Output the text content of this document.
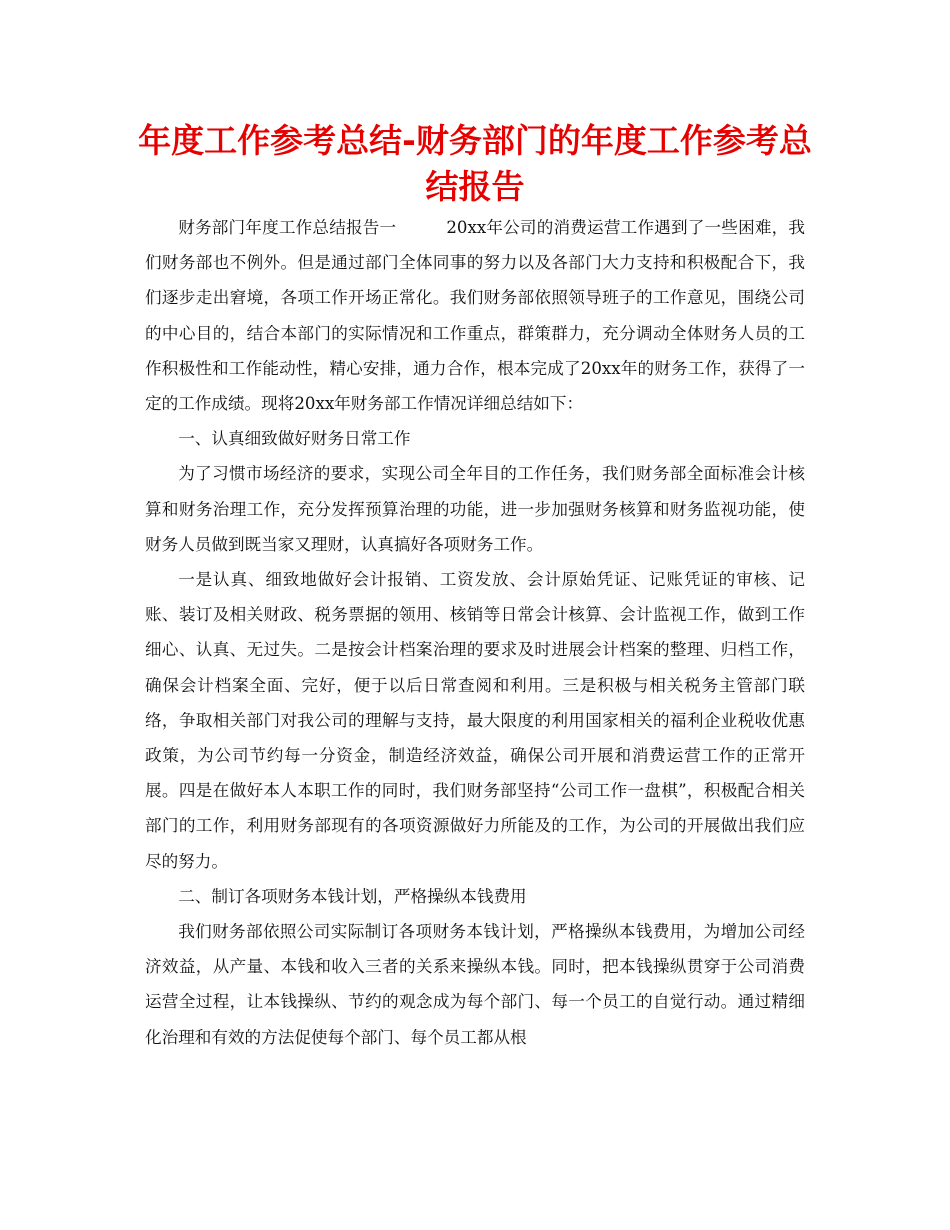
年度工作参考总结-财务部门的年度工作参考总结报告

财务部门年度工作总结报告一	20xx年公司的消费运营工作遇到了一些困难，我们财务部也不例外。但是通过部门全体同事的努力以及各部门大力支持和积极配合下，我们逐步走出窘境，各项工作开场正常化。我们财务部依照领导班子的工作意见，围绕公司的中心目的，结合本部门的实际情况和工作重点，群策群力，充分调动全体财务人员的工作积极性和工作能动性，精心安排，通力合作，根本完成了20xx年的财务工作，获得了一定的工作成绩。现将20xx年财务部工作情况详细总结如下：

一、认真细致做好财务日常工作

为了习惯市场经济的要求，实现公司全年目的工作任务，我们财务部全面标准会计核算和财务治理工作，充分发挥预算治理的功能，进一步加强财务核算和财务监视功能，使财务人员做到既当家又理财，认真搞好各项财务工作。

一是认真、细致地做好会计报销、工资发放、会计原始凭证、记账凭证的审核、记账、装订及相关财政、税务票据的领用、核销等日常会计核算、会计监视工作，做到工作细心、认真、无过失。二是按会计档案治理的要求及时进展会计档案的整理、归档工作，确保会计档案全面、完好，便于以后日常查阅和利用。三是积极与相关税务主管部门联络，争取相关部门对我公司的理解与支持，最大限度的利用国家相关的福利企业税收优惠政策，为公司节约每一分资金，制造经济效益，确保公司开展和消费运营工作的正常开展。四是在做好本人本职工作的同时，我们财务部坚持“公司工作一盘棋”，积极配合相关部门的工作，利用财务部现有的各项资源做好力所能及的工作，为公司的开展做出我们应尽的努力。

二、制订各项财务本钱计划，严格操纵本钱费用

我们财务部依照公司实际制订各项财务本钱计划，严格操纵本钱费用，为增加公司经济效益，从产量、本钱和收入三者的关系来操纵本钱。同时，把本钱操纵贯穿于公司消费运营全过程，让本钱操纵、节约的观念成为每个部门、每一个员工的自觉行动。通过精细化治理和有效的方法促使每个部门、每个员工都从根
